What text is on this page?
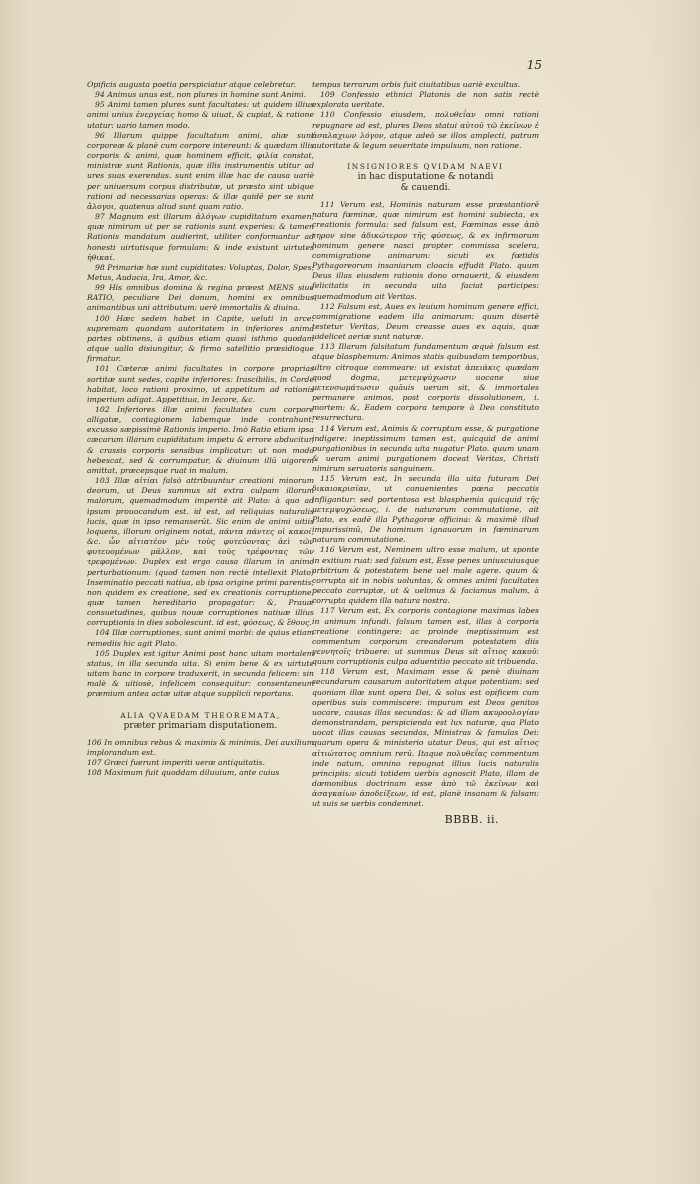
15

Opificis augusta poetia perspiciatur atque celebretur.

94 Animus unus est, non plures in homine sunt Animi.

95 Animi tamen plures sunt facultates: ut quidem illius animi unius ἐνεργείας homo & uiuat, & cupiat, & ratione utatur: uario tamen modo.

96 Illarum quippe facultatum animi, aliæ sunt corporeæ & planè cum corpore intereunt: & quædam illis corporis & animi, quæ hominem efficit, φιλία constat, ministræ sunt Rationis, quæ illis instrumentis utitur ad ures suas exerendas. sunt enim illæ hac de causa uariè per uniuersum corpus distributæ, ut præsto sint ubique rationi ad necessarias operas: & illæ quidē per se sunt ἄλογοι, quatenus aliud sunt quam ratio.

97 Magnum est illarum ἀλόγων cupiditatum examen, quæ nimirum ut per se rationis sunt experies: & tamen Rationis mandatum audierint, utiliter conformantur ad honesti uirtutisque formulam: & inde existunt uirtutes ἠθικαί.

98 Primariæ hæ sunt cupiditates: Voluptas, Dolor, Spes, Metus, Audacia, Ira, Amor, &c.

99 His omnibus domina & regina præest MENS siue RATIO, peculiare Dei donum, homini ex omnibus animantibus uni attributum: uerè immortalis & diuina.

100 Hæc sedem habet in Capite, ueluti in arce: supremam quandam autoritatem in inferiores anima partes obtinens, à quibus etiam quasi isthmo quodam atque uallo disiungitur, & firmo satellitio præsidioque firmatur.

101 Cæteræ animi facultates in corpore proprias sortitæ sunt sedes, capite inferiores: Irascibilis, in Corde habitat, loco rationi proximo, ut appetitum ad rationis imperium adigat. Appetitiua, in Iecore, &c.

102 Inferiores illæ animi facultates cum corpore alligatæ, contagionem labemque inde contrahunt, excusso sæpissimè Rationis imperio. Imò Ratio etiam ipsa cæcarum illarum cupiditatum impetu & errore abducitur, & crassis corporis sensibus implicatur: ut non modo hebescat, sed & corrumpatur, & diuinum illū uigorem amittat, præcepsque ruat in malum.

103 Illæ αἰτίαι falsò attribuuntur creationi minorum deorum, ut Deus summus sit extra culpam illorum malorum, quemadmodum imperitè ait Plato: à quo ad ipsum prouocandum est. id est, ad reliquias naturalis lucis, quæ in ipso remanserūt. Sic enim de animi uitiis loquens, illorum originem notat, πάντα πάντες οἱ κακοί, &c. ὧν αἰτιατέον μὲν τοὺς φυτεύοντας ἀεὶ τῶν φυτευομένων μᾶλλον, καὶ τοὺς τρέφοντας τῶν τρεφομένων. Duplex est ergo causa illarum in animo perturbationum: (quod tamen non rectè intellexit Plato) Inseminatio peccati natiua, ab ipsa origine primi parentis, non quidem ex creatione, sed ex creationis corruptione, quæ tamen hereditario propagatur: &, Prauæ consuetudines, quibus nouæ corruptiones natiuæ illius corruptionis in dies sobolescunt. id est, φύσεως, & ἔθους.

104 Illæ corruptiones, sunt animi morbi: de quius etiam remediis hic agit Plato.

105 Duplex est igitur Animi post hanc uitam mortalem status, in illa secunda uita. Si enim bene & ex uirtute uitam hanc in corpore traduxerit, in secunda felicem: sin malè & uitiosè, infelicem consequitur: consentaneum præmium antea actæ uitæ atque supplicii reportans.

ALIA QVAEDAM THEOREMATA,
præter primariam disputationem.

106 In omnibus rebus & maximis & minimis, Dei auxilium implorandum est.

107 Græci fuerunt imperiti ueræ antiquitatis.

108 Maximum fuit quoddam diluuium, ante cuius

tempus terrarum orbis fuit ciuitatibus uariè excultus.

109 Confessio ethnici Platonis de non satis rectè explorata ueritate.

110 Confessio eiusdem, πολυθεΐαν omni rationi repugnare ad est, plures Deos statui αὐτοῦ τῶ ἐκεῖνων ἐ ἀσαλαχιων λόγον, atque adeò se illos amplecti, patrum autoritate & legum seueritate impulsum, non ratione.

INSIGNIORES QVIDAM NAEVI
in hac disputatione & notandi
& cauendi.

111 Verum est, Hominis naturam esse præstantiorē natura fœminæ, quæ nimirum est homini subiecta, ex creationis formula: sed falsum est, Fœminas esse ἀπὸ τηρον sine ἀδικώτερον τῆς φύσεως, & ex infirmorum hominum genere nasci propter commissa scelera, commigratione animarum: sicuti ex fœtidis Pythagoreorum insaniarum cloacis effudit Plato. quum Deus illas eiusdem rationis dono ornauerit, & eiusdem felicitatis in secunda uita faciat participes: quemadmodum ait Veritas.

112 Falsum est, Aues ex leuium hominum genere effici, commigratione eadem illa animarum: quum disertè testetur Veritas, Deum creasse aues ex aquis, quæ uidelicet aeriæ sunt naturæ.

113 Illarum falsitatum fundamentum æquè falsum est atque blasphemum: Animos statis quibusdam temporibus, ultro citroque commeare: ut existat ἀπειάκις quædam quod dogma, μετεμψύχωσιν uocane siue μετενσωμάτωσιν quāuis uerum sit, & immortales permanere animos, post corporis dissolutionem, i. mortem: &, Eadem corpora tempore à Deo constituto resurrectura.

114 Verum est, Animis & corruptum esse, & purgatione indigere: ineptissimum tamen est, quicquid de animi purgationibus in secunda uita nugatur Plato. quum unam & ueram animi purgationem doceat Veritas, Christi nimirum seruatoris sanguinem.

115 Verum est, In secunda illa uita futuram Dei δικαιοκρισίαν, ut conuenientes pœna peccatis infligantur: sed portentosa est blasphemia quicquid τῆς μετεμψυχώσεως, i. de naturarum commutatione, ait Plato, ex eadē illa Pythagoræ officina: & maximè illud impurissimū, De hominum ignauorum in fœminarum naturam commutatione.

116 Verum est, Neminem ultro esse malum, ut sponte in exitium ruat: sed falsum est, Esse penes uniuscuiusque arbitrium & potestatem bene uel male agere. quum & corrupta sit in nobis uoluntas, & omnes animi facultates peccato corruptæ, ut & uelimus & faciamus malum, à corrupta quidem illa natura nostra.

117 Verum est, Ex corporis contagione maximas labes in animum infundi. falsum tamen est, illas à corporis creatione contingere: ac proinde ineptissimum est commentum corporum creandorum potestatem diis γεννητοῖς tribuere: ut summus Deus sit αἴτιος κακοῦ: quum corruptionis culpa aduentitio peccato sit tribuenda.

118 Verum est, Maximam esse & penè diuinam secundarum causarum autoritatem atque potentiam: sed quoniam illæ sunt opera Dei, & solus est opificem cum operibus suis commiscere: impurum est Deos genitos uocare, causas illas secundas: & ad illam ακυροολογίαν demonstrandam, perspicienda est lux naturæ, qua Plato uocat illas causas secundas, Ministras & famulas Dei: quarum opera & ministerio utatur Deus, qui est αἴτιος αἰτιώτατος omnium rerū. Itaque πολυθεΐας commentum inde natum, omnino repugnat illius lucis naturalis principiis: sicuti totidem uerbis agnoscit Plato, illam de dæmonibus doctrinam esse ἀπὸ τῶ ἐκεῖνων καὶ ἀσαγκαίων ἀποδείξεων, id est, planè insanam & falsam: ut suis se uerbis condemnet.

BBBB. ii.
